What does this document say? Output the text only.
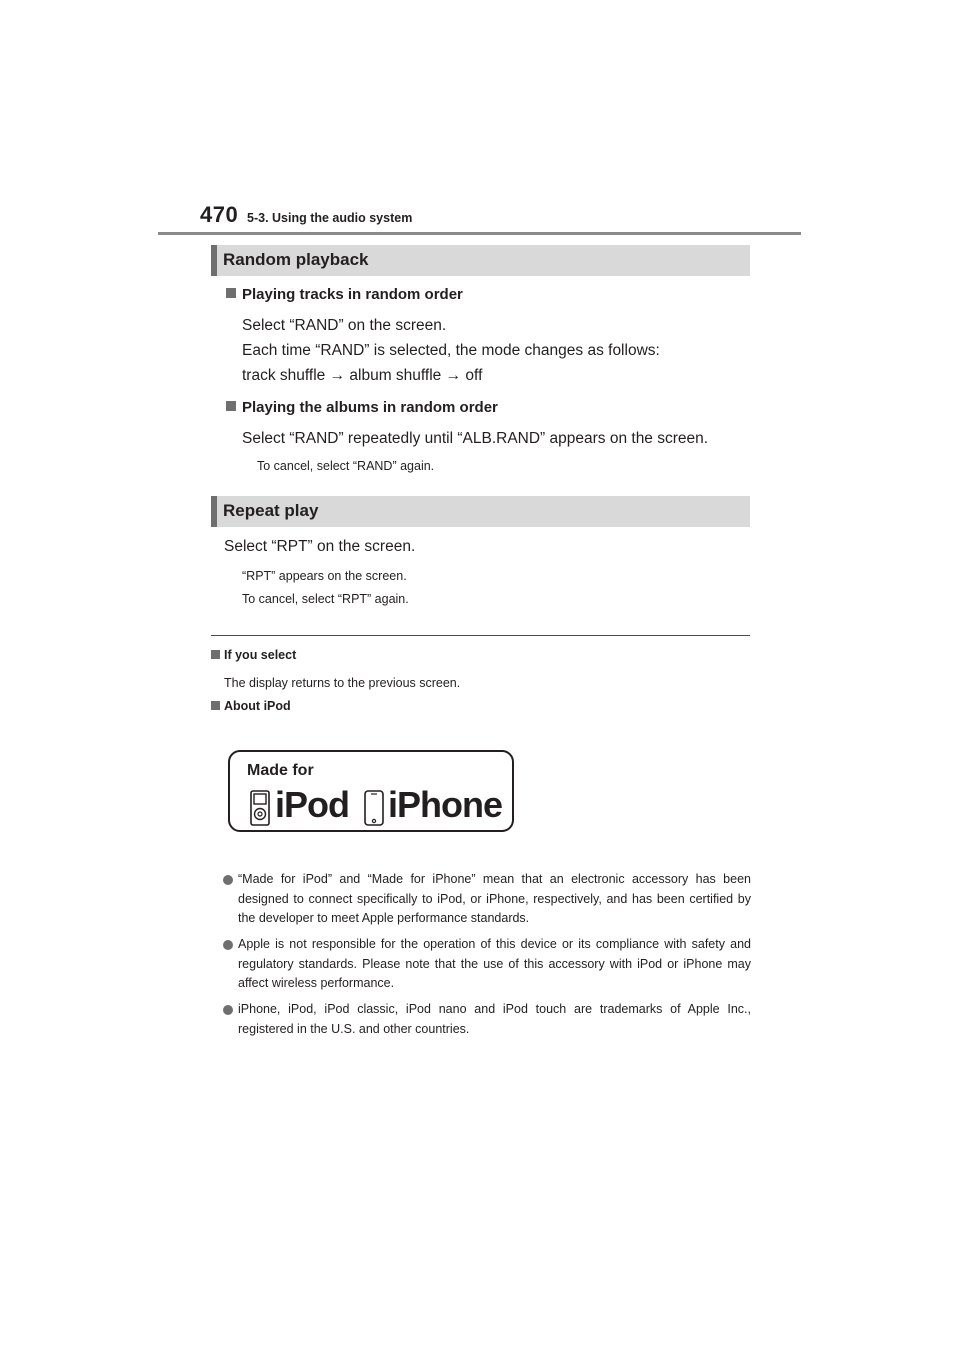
470 5-3. Using the audio system
Random playback
Playing tracks in random order
Select “RAND” on the screen.
Each time “RAND” is selected, the mode changes as follows:
track shuffle → album shuffle → off
Playing the albums in random order
Select “RAND” repeatedly until “ALB.RAND” appears on the screen.
To cancel, select “RAND” again.
Repeat play
Select “RPT” on the screen.
“RPT” appears on the screen.
To cancel, select “RPT” again.
If you select
The display returns to the previous screen.
About iPod
Made for
iPod iPhone
“Made for iPod” and “Made for iPhone” mean that an electronic accessory has been designed to connect specifically to iPod, or iPhone, respectively, and has been certified by the developer to meet Apple performance standards.
Apple is not responsible for the operation of this device or its compliance with safety and regulatory standards. Please note that the use of this accessory with iPod or iPhone may affect wireless performance.
iPhone, iPod, iPod classic, iPod nano and iPod touch are trademarks of Apple Inc., registered in the U.S. and other countries.
